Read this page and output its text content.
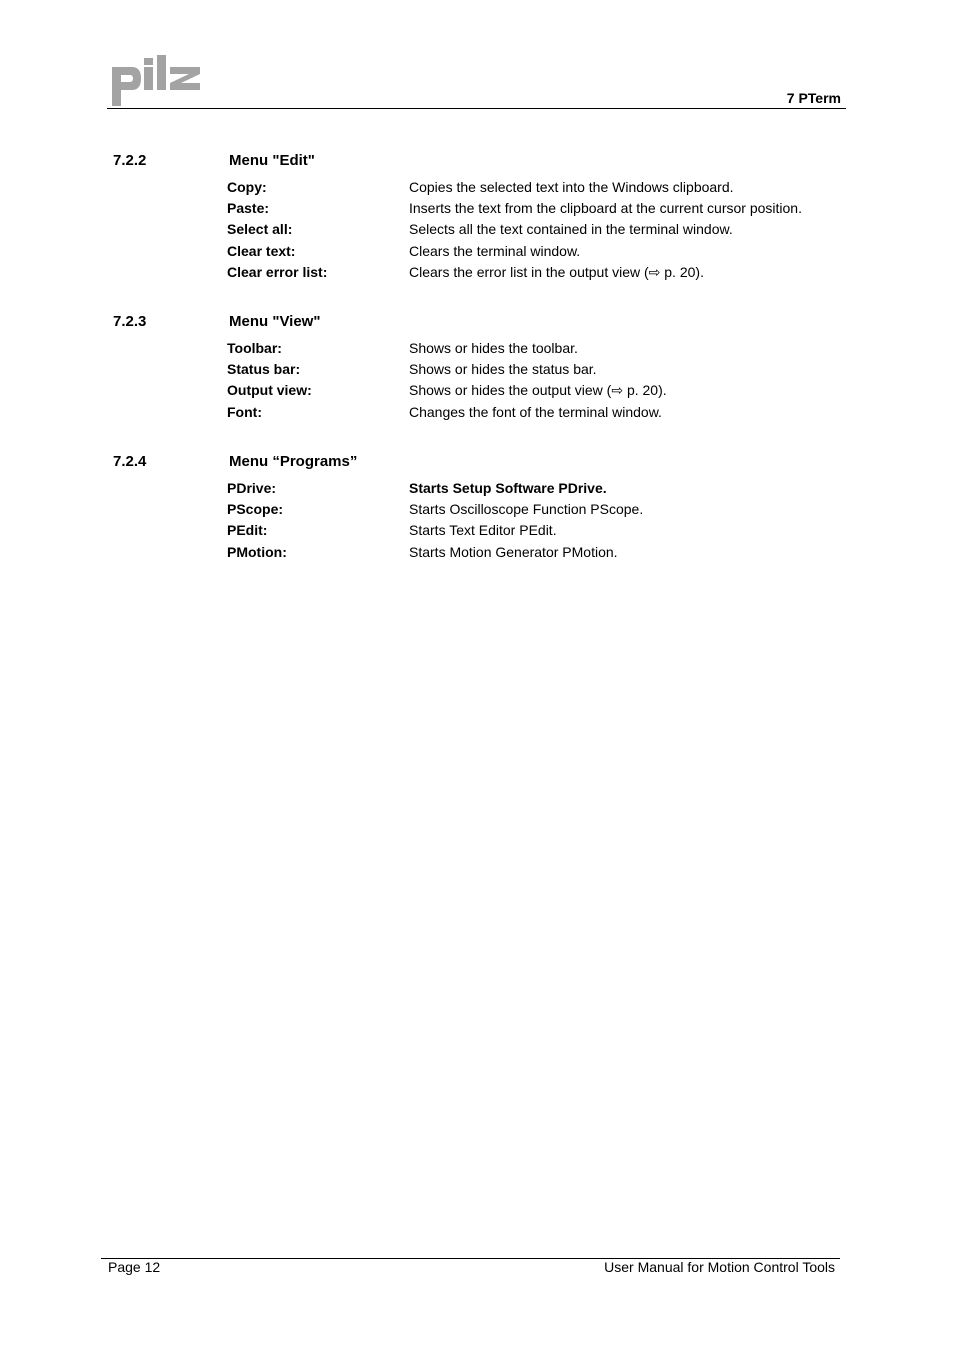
7 PTerm
7.2.2	Menu "Edit"
Copy:	Copies the selected text into the Windows clipboard.
Paste:	Inserts the text from the clipboard at the current cursor position.
Select all:	Selects all the text contained in the terminal window.
Clear text:	Clears the terminal window.
Clear error list:	Clears the error list in the output view (⇨ p. 20).
7.2.3	Menu "View"
Toolbar:	Shows or hides the toolbar.
Status bar:	Shows or hides the status bar.
Output view:	Shows or hides the output view (⇨ p. 20).
Font:	Changes the font of the terminal window.
7.2.4	Menu “Programs”
PDrive:	Starts Setup Software PDrive.
PScope:	Starts Oscilloscope Function PScope.
PEdit:	Starts Text Editor PEdit.
PMotion:	Starts Motion Generator PMotion.
Page 12	User Manual for Motion Control Tools
